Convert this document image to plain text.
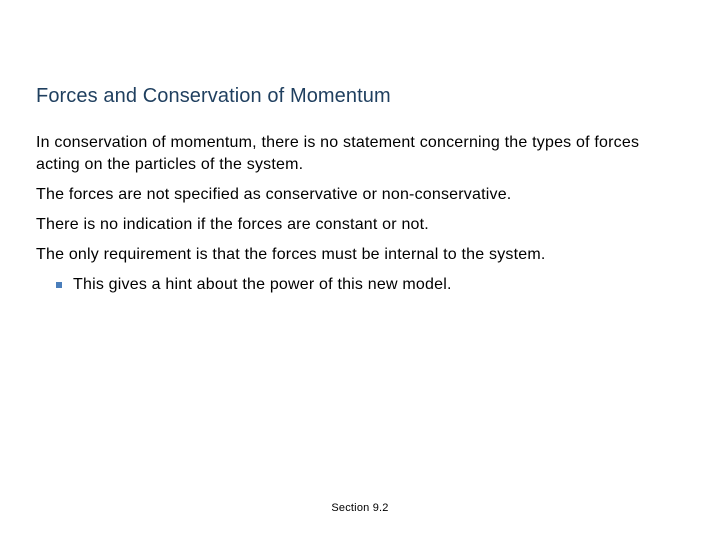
Forces and Conservation of Momentum

In conservation of momentum, there is no statement concerning the types of forces acting on the particles of the system.

The forces are not specified as conservative or non-conservative.

There is no indication if the forces are constant or not.

The only requirement is that the forces must be internal to the system.

This gives a hint about the power of this new model.
Section 9.2
